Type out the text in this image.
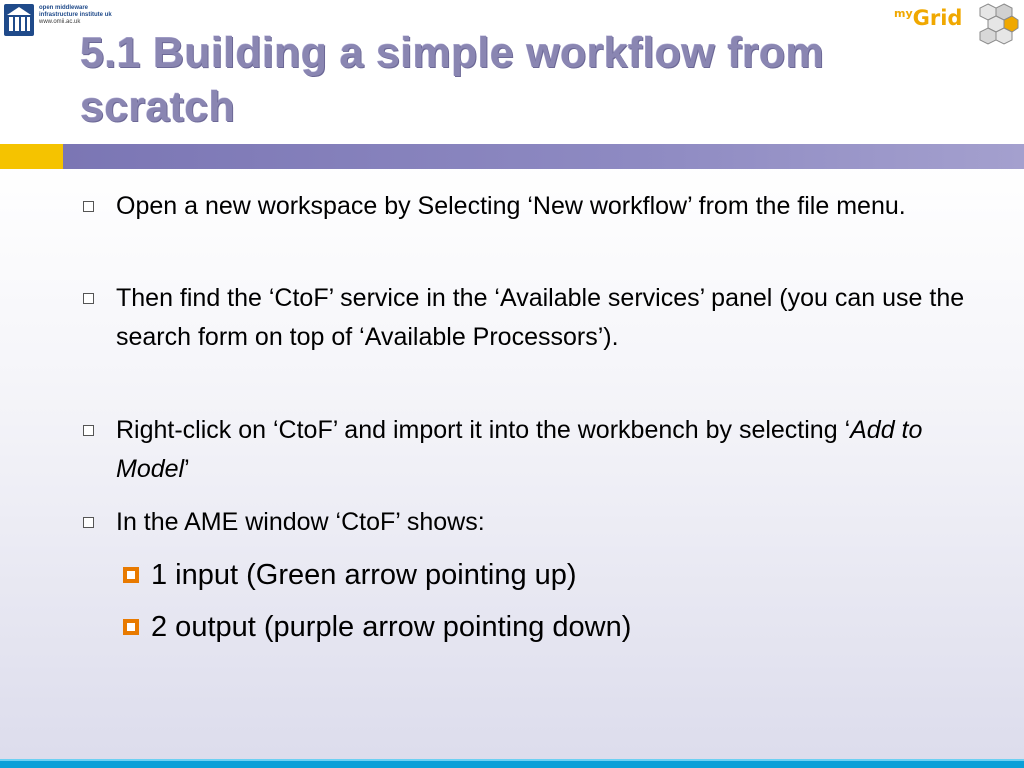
open middleware
infrastructure institute uk
www.omii.ac.uk
$^{my}$Grid
5.1 Building a simple workflow from scratch
Open a new workspace by Selecting ‘New workflow’ from the file menu.
Then find the ‘CtoF’ service in the ‘Available services’ panel (you can use the search form on top of ‘Available Processors’).
Right-click on ‘CtoF’ and import it into the workbench by selecting ‘Add to Model’
In the AME window ‘CtoF’ shows:
1 input (Green arrow pointing up)
2 output (purple arrow pointing down)
